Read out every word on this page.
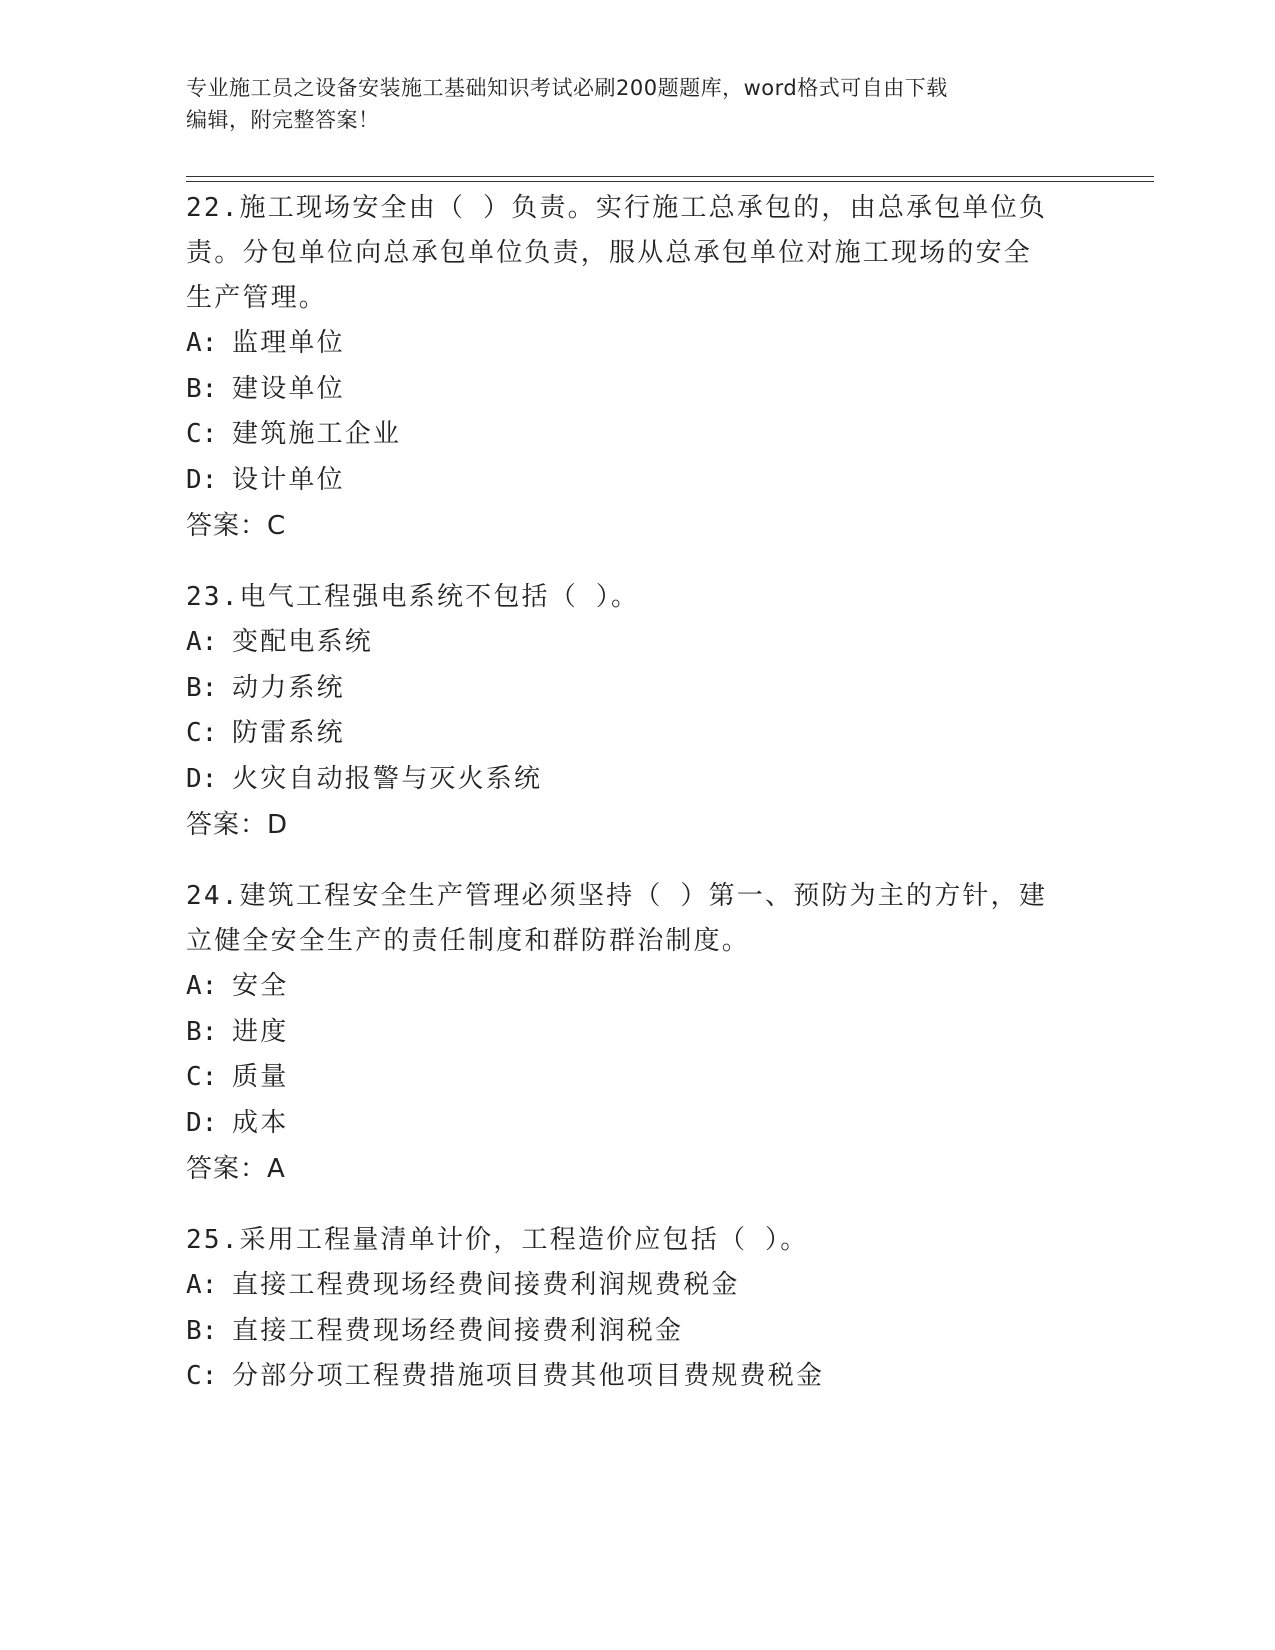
专业施工员之设备安装施工基础知识考试必刷200题题库，word格式可自由下载
编辑，附完整答案！
22.施工现场安全由（ ）负责。实行施工总承包的，由总承包单位负
责。分包单位向总承包单位负责，服从总承包单位对施工现场的安全
生产管理。
A: 监理单位
B: 建设单位
C: 建筑施工企业
D: 设计单位
答案：C
23.电气工程强电系统不包括（ ）。
A: 变配电系统
B: 动力系统
C: 防雷系统
D: 火灾自动报警与灭火系统
答案：D
24.建筑工程安全生产管理必须坚持（ ）第一、预防为主的方针，建
立健全安全生产的责任制度和群防群治制度。
A: 安全
B: 进度
C: 质量
D: 成本
答案：A
25.采用工程量清单计价，工程造价应包括（ ）。
A: 直接工程费现场经费间接费利润规费税金
B: 直接工程费现场经费间接费利润税金
C: 分部分项工程费措施项目费其他项目费规费税金
